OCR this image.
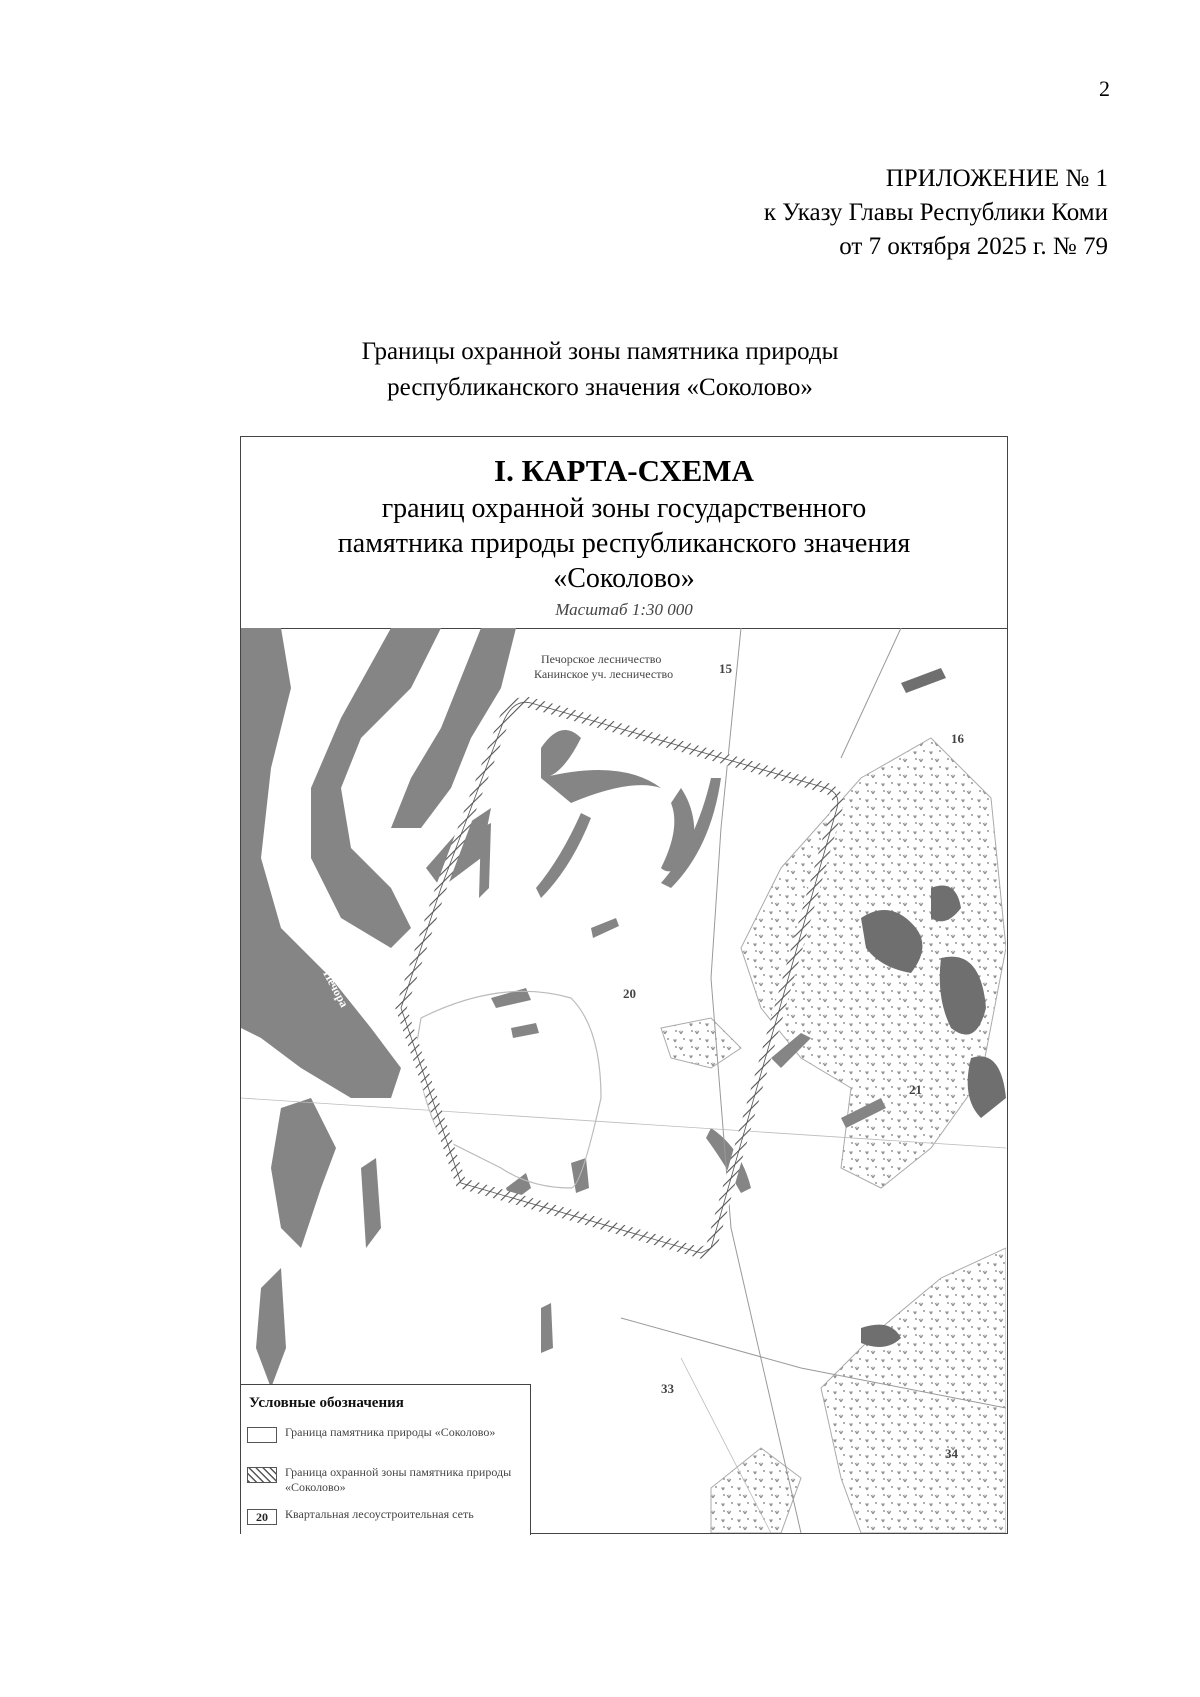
2
ПРИЛОЖЕНИЕ № 1
к Указу Главы Республики Коми
от 7 октября 2025 г. № 79
Границы охранной зоны памятника природы
республиканского значения «Соколово»
I. КАРТА-СХЕМА
границ охранной зоны государственного
памятника природы республиканского значения
«Соколово»
Масштаб 1:30 000
Печорское лесничество
Канинское уч. лесничество	15
16
20
21
33
34
Печора
Условные обозначения
Граница памятника природы «Соколово»
Граница охранной зоны памятника природы «Соколово»
20	Квартальная лесоустроительная сеть
